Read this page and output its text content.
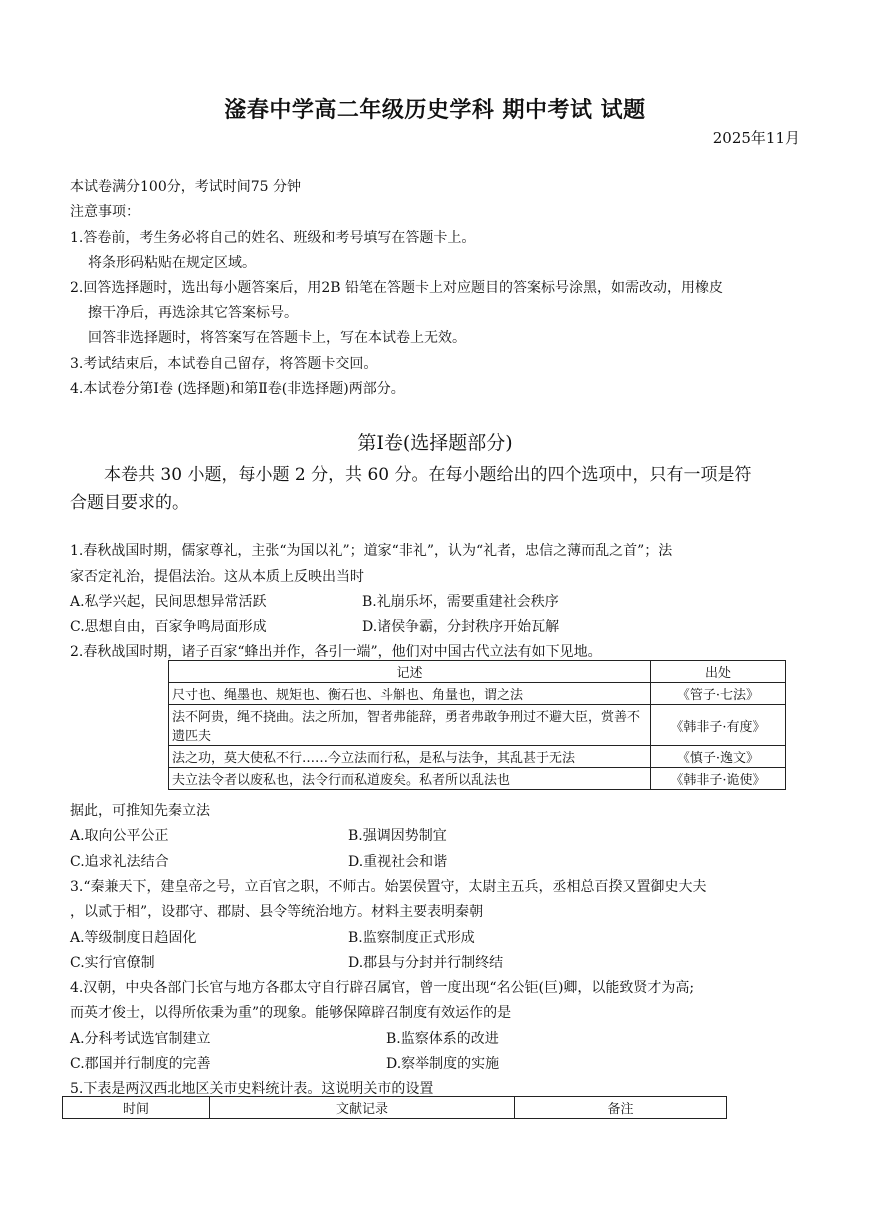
滏春中学高二年级历史学科 期中考试 试题
2025年11月
本试卷满分100分，考试时间75 分钟
注意事项：
1.答卷前，考生务必将自己的姓名、班级和考号填写在答题卡上。
将条形码粘贴在规定区域。
2.回答选择题时，选出每小题答案后，用2B 铅笔在答题卡上对应题目的答案标号涂黑，如需改动，用橡皮
擦干净后，再选涂其它答案标号。
回答非选择题时，将答案写在答题卡上，写在本试卷上无效。
3.考试结束后，本试卷自己留存，将答题卡交回。
4.本试卷分第Ⅰ卷 (选择题)和第Ⅱ卷(非选择题)两部分。
第Ⅰ卷(选择题部分)
本卷共 30 小题，每小题 2 分，共 60 分。在每小题给出的四个选项中，只有一项是符
合题目要求的。
1.春秋战国时期，儒家尊礼，主张“为国以礼”；道家“非礼”，认为“礼者，忠信之薄而乱之首”；法
家否定礼治，提倡法治。这从本质上反映出当时
A.私学兴起，民间思想异常活跃	B.礼崩乐坏，需要重建社会秩序
C.思想自由，百家争鸣局面形成	D.诸侯争霸，分封秩序开始瓦解
2.春秋战国时期，诸子百家“蜂出并作，各引一端”，他们对中国古代立法有如下见地。
记述	出处
尺寸也、绳墨也、规矩也、衡石也、斗斛也、角量也，谓之法	《管子·七法》
法不阿贵，绳不挠曲。法之所加，智者弗能辞，勇者弗敢争刑过不避大臣，赏善不遗匹夫	《韩非子·有度》
法之功，莫大使私不行……今立法而行私，是私与法争，其乱甚于无法	《慎子·逸文》
夫立法令者以废私也，法令行而私道废矣。私者所以乱法也	《韩非子·诡使》
据此，可推知先秦立法
A.取向公平公正	B.强调因势制宜
C.追求礼法结合	D.重视社会和谐
3.“秦兼天下，建皇帝之号，立百官之职，不师古。始罢侯置守，太尉主五兵，丞相总百揆又置御史大夫
，以贰于相”，设郡守、郡尉、县令等统治地方。材料主要表明秦朝
A.等级制度日趋固化	B.监察制度正式形成
C.实行官僚制	D.郡县与分封并行制终结
4.汉朝，中央各部门长官与地方各郡太守自行辟召属官，曾一度出现“名公钜(巨)卿，以能致贤才为高;
而英才俊士，以得所依秉为重”的现象。能够保障辟召制度有效运作的是
A.分科考试选官制建立	B.监察体系的改进
C.郡国并行制度的完善	D.察举制度的实施
5.下表是两汉西北地区关市史料统计表。这说明关市的设置
时间	文献记录	备注
